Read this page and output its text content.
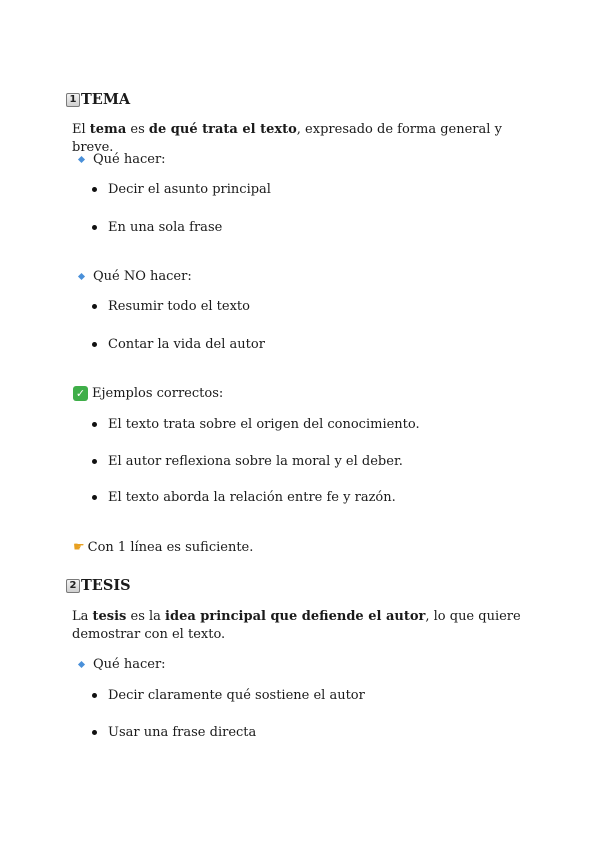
1 TEMA
El tema es de qué trata el texto, expresado de forma general y breve.
Qué hacer:
Decir el asunto principal
En una sola frase
Qué NO hacer:
Resumir todo el texto
Contar la vida del autor
✓ Ejemplos correctos:
El texto trata sobre el origen del conocimiento.
El autor reflexiona sobre la moral y el deber.
El texto aborda la relación entre fe y razón.
☛ Con 1 línea es suficiente.
2 TESIS
La tesis es la idea principal que defiende el autor, lo que quiere demostrar con el texto.
Qué hacer:
Decir claramente qué sostiene el autor
Usar una frase directa
